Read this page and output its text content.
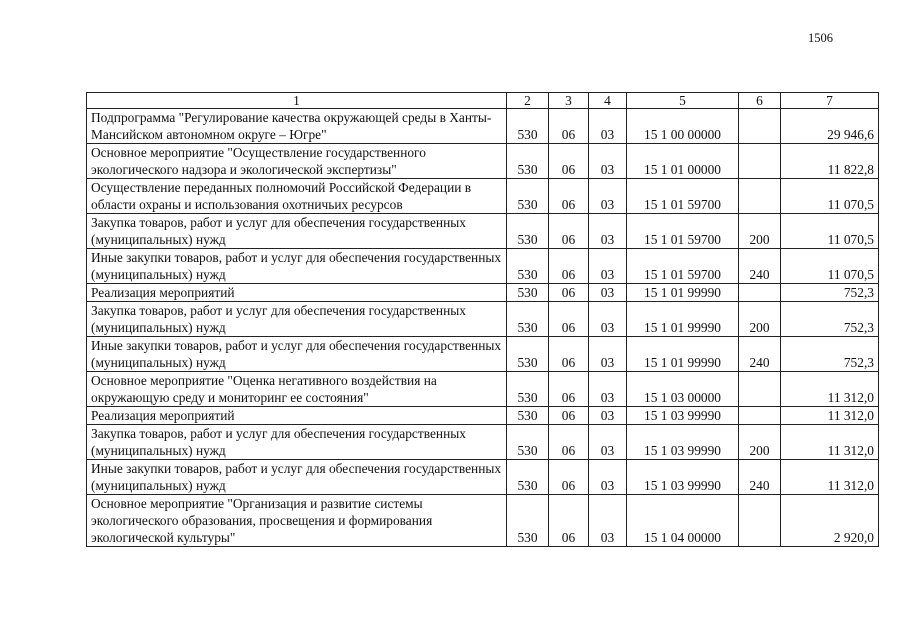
1506
1	2	3	4	5	6	7
Подпрограмма "Регулирование качества окружающей среды в Ханты-Мансийском автономном округе – Югре"	530	06	03	15 1 00 00000		29 946,6
Основное мероприятие "Осуществление государственного экологического надзора и экологической экспертизы"	530	06	03	15 1 01 00000		11 822,8
Осуществление переданных полномочий Российской Федерации в области охраны и использования охотничьих ресурсов	530	06	03	15 1 01 59700		11 070,5
Закупка товаров, работ и услуг для обеспечения государственных (муниципальных) нужд	530	06	03	15 1 01 59700	200	11 070,5
Иные закупки товаров, работ и услуг для обеспечения государственных (муниципальных) нужд	530	06	03	15 1 01 59700	240	11 070,5
Реализация мероприятий	530	06	03	15 1 01 99990		752,3
Закупка товаров, работ и услуг для обеспечения государственных (муниципальных) нужд	530	06	03	15 1 01 99990	200	752,3
Иные закупки товаров, работ и услуг для обеспечения государственных (муниципальных) нужд	530	06	03	15 1 01 99990	240	752,3
Основное мероприятие "Оценка негативного воздействия на окружающую среду и мониторинг ее состояния"	530	06	03	15 1 03 00000		11 312,0
Реализация мероприятий	530	06	03	15 1 03 99990		11 312,0
Закупка товаров, работ и услуг для обеспечения государственных (муниципальных) нужд	530	06	03	15 1 03 99990	200	11 312,0
Иные закупки товаров, работ и услуг для обеспечения государственных (муниципальных) нужд	530	06	03	15 1 03 99990	240	11 312,0
Основное мероприятие "Организация и развитие системы экологического образования, просвещения и формирования экологической культуры"	530	06	03	15 1 04 00000		2 920,0
